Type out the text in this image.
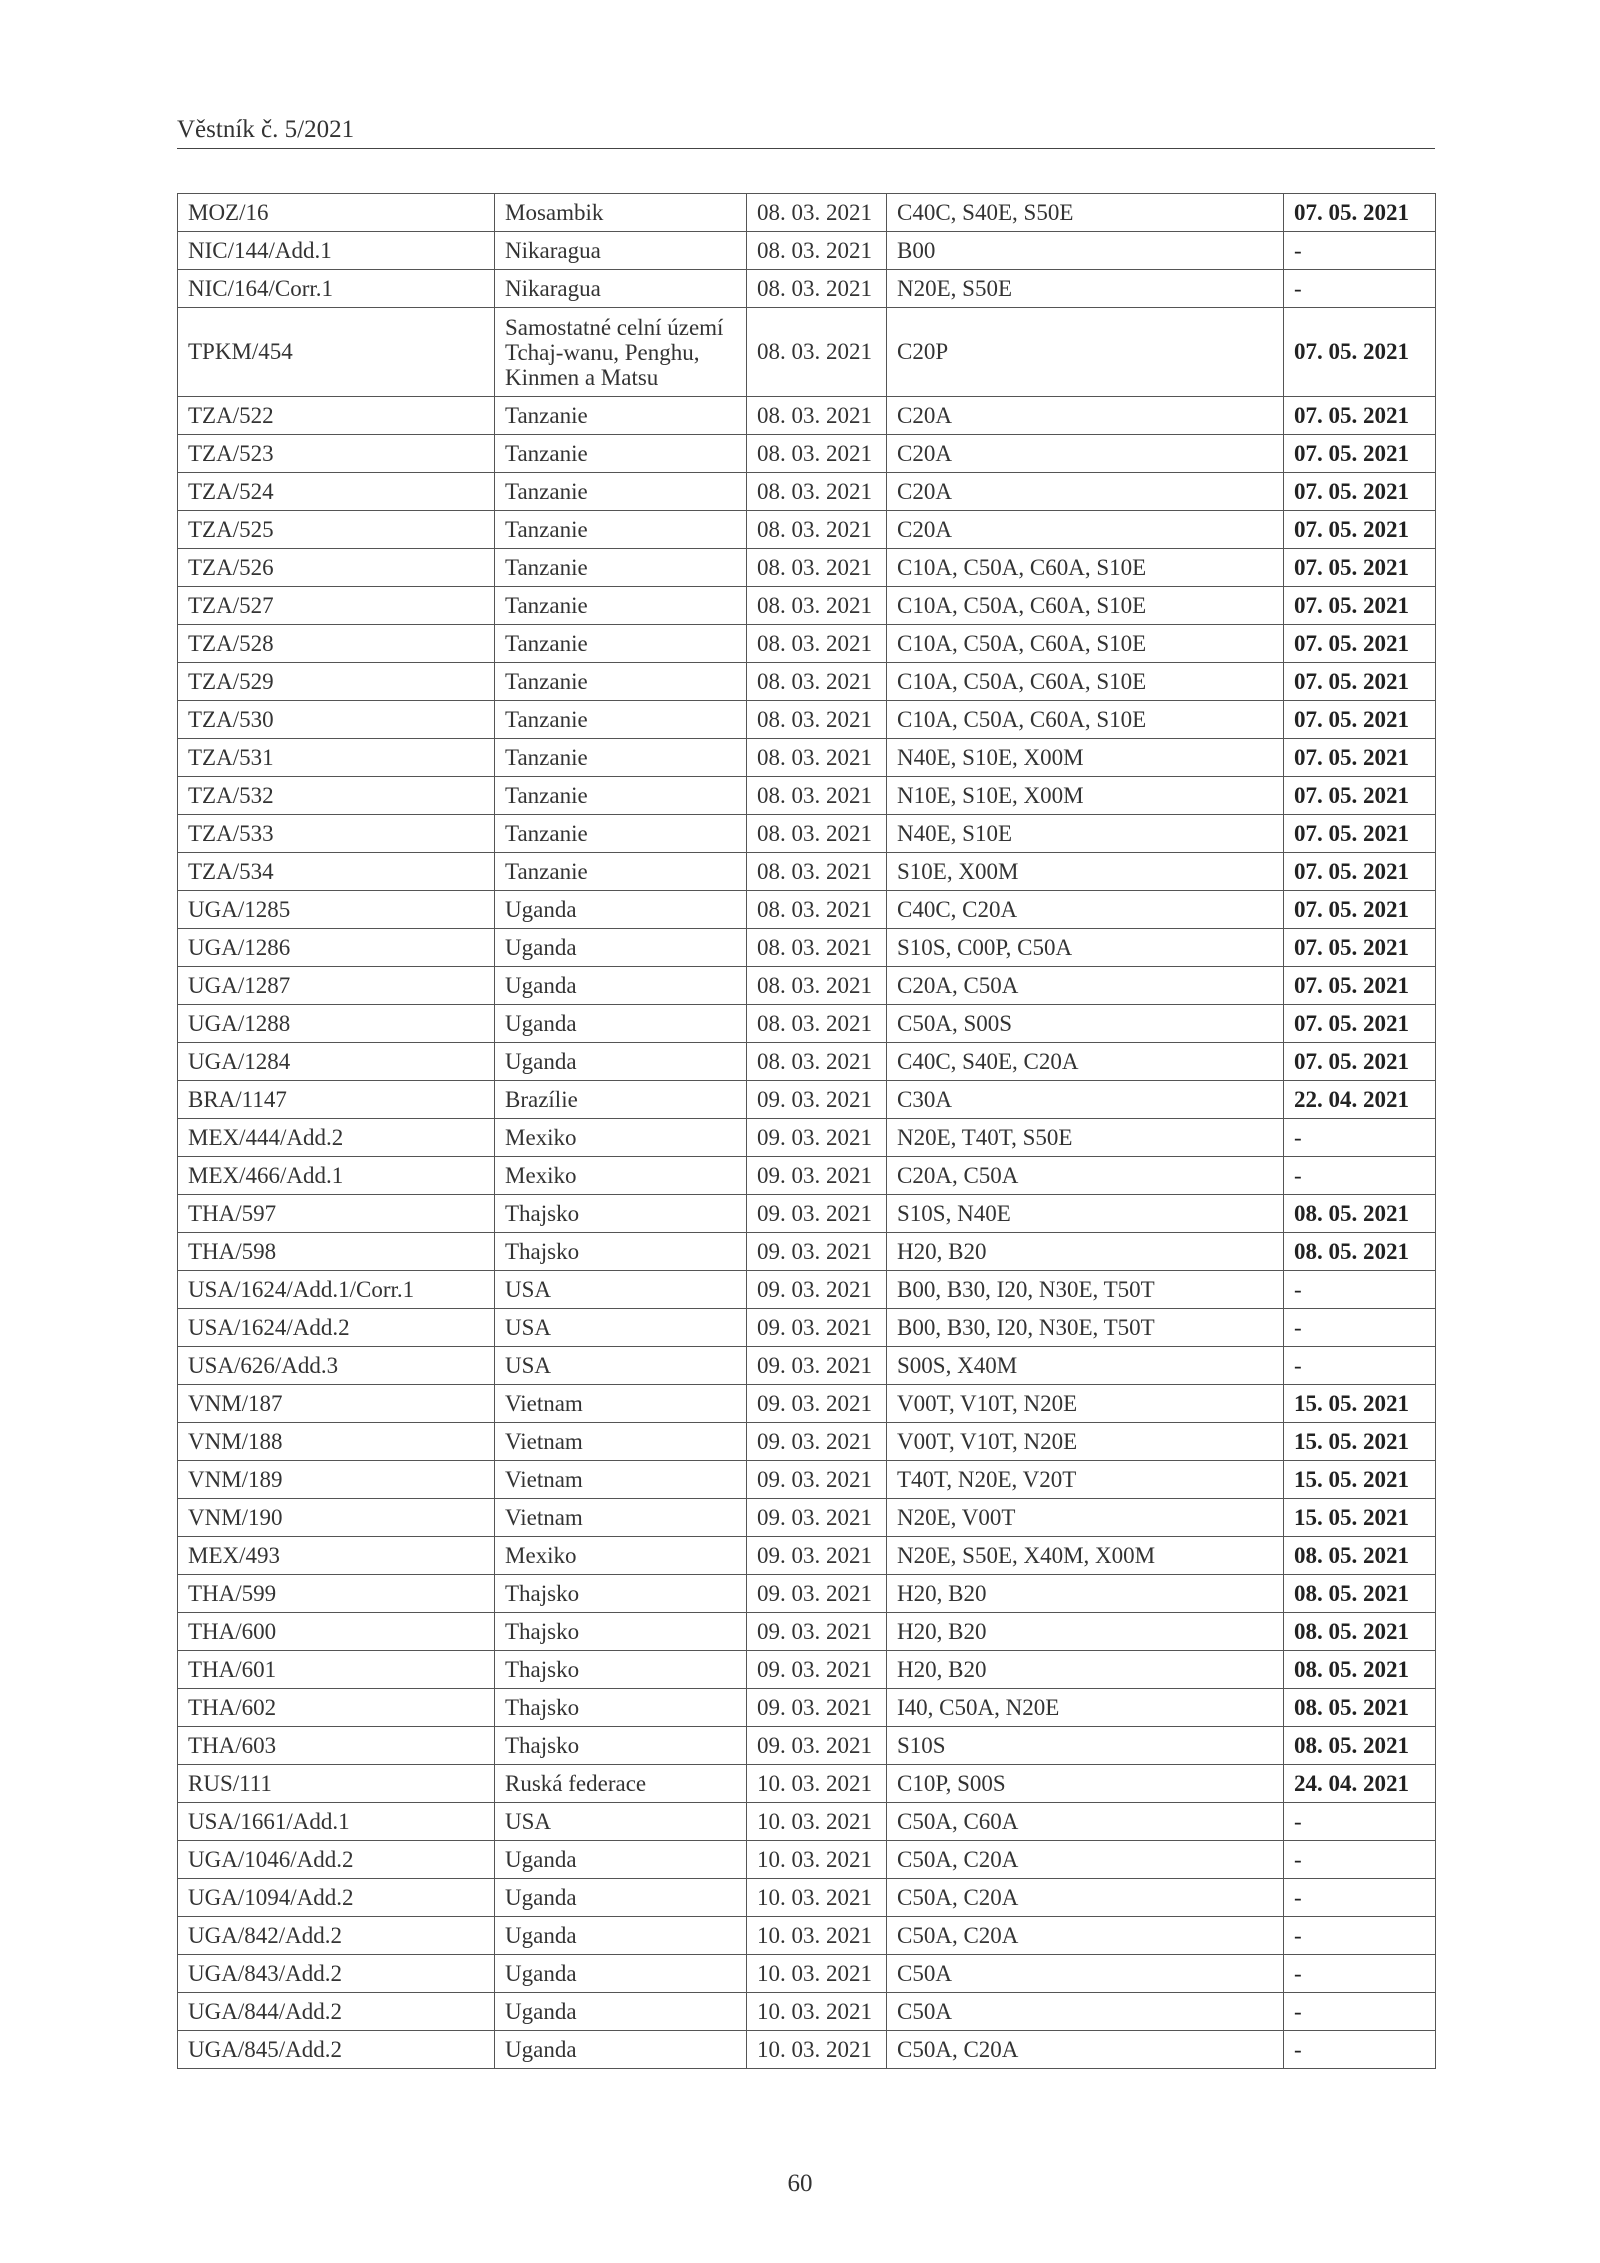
Věstník č. 5/2021
MOZ/16	Mosambik	08. 03. 2021	C40C, S40E, S50E	07. 05. 2021
NIC/144/Add.1	Nikaragua	08. 03. 2021	B00	-
NIC/164/Corr.1	Nikaragua	08. 03. 2021	N20E, S50E	-
TPKM/454	Samostatné celní území Tchaj-wanu, Penghu, Kinmen a Matsu	08. 03. 2021	C20P	07. 05. 2021
TZA/522	Tanzanie	08. 03. 2021	C20A	07. 05. 2021
TZA/523	Tanzanie	08. 03. 2021	C20A	07. 05. 2021
TZA/524	Tanzanie	08. 03. 2021	C20A	07. 05. 2021
TZA/525	Tanzanie	08. 03. 2021	C20A	07. 05. 2021
TZA/526	Tanzanie	08. 03. 2021	C10A, C50A, C60A, S10E	07. 05. 2021
TZA/527	Tanzanie	08. 03. 2021	C10A, C50A, C60A, S10E	07. 05. 2021
TZA/528	Tanzanie	08. 03. 2021	C10A, C50A, C60A, S10E	07. 05. 2021
TZA/529	Tanzanie	08. 03. 2021	C10A, C50A, C60A, S10E	07. 05. 2021
TZA/530	Tanzanie	08. 03. 2021	C10A, C50A, C60A, S10E	07. 05. 2021
TZA/531	Tanzanie	08. 03. 2021	N40E, S10E, X00M	07. 05. 2021
TZA/532	Tanzanie	08. 03. 2021	N10E, S10E, X00M	07. 05. 2021
TZA/533	Tanzanie	08. 03. 2021	N40E, S10E	07. 05. 2021
TZA/534	Tanzanie	08. 03. 2021	S10E, X00M	07. 05. 2021
UGA/1285	Uganda	08. 03. 2021	C40C, C20A	07. 05. 2021
UGA/1286	Uganda	08. 03. 2021	S10S, C00P, C50A	07. 05. 2021
UGA/1287	Uganda	08. 03. 2021	C20A, C50A	07. 05. 2021
UGA/1288	Uganda	08. 03. 2021	C50A, S00S	07. 05. 2021
UGA/1284	Uganda	08. 03. 2021	C40C, S40E, C20A	07. 05. 2021
BRA/1147	Brazílie	09. 03. 2021	C30A	22. 04. 2021
MEX/444/Add.2	Mexiko	09. 03. 2021	N20E, T40T, S50E	-
MEX/466/Add.1	Mexiko	09. 03. 2021	C20A, C50A	-
THA/597	Thajsko	09. 03. 2021	S10S, N40E	08. 05. 2021
THA/598	Thajsko	09. 03. 2021	H20, B20	08. 05. 2021
USA/1624/Add.1/Corr.1	USA	09. 03. 2021	B00, B30, I20, N30E, T50T	-
USA/1624/Add.2	USA	09. 03. 2021	B00, B30, I20, N30E, T50T	-
USA/626/Add.3	USA	09. 03. 2021	S00S, X40M	-
VNM/187	Vietnam	09. 03. 2021	V00T, V10T, N20E	15. 05. 2021
VNM/188	Vietnam	09. 03. 2021	V00T, V10T, N20E	15. 05. 2021
VNM/189	Vietnam	09. 03. 2021	T40T, N20E, V20T	15. 05. 2021
VNM/190	Vietnam	09. 03. 2021	N20E, V00T	15. 05. 2021
MEX/493	Mexiko	09. 03. 2021	N20E, S50E, X40M, X00M	08. 05. 2021
THA/599	Thajsko	09. 03. 2021	H20, B20	08. 05. 2021
THA/600	Thajsko	09. 03. 2021	H20, B20	08. 05. 2021
THA/601	Thajsko	09. 03. 2021	H20, B20	08. 05. 2021
THA/602	Thajsko	09. 03. 2021	I40, C50A, N20E	08. 05. 2021
THA/603	Thajsko	09. 03. 2021	S10S	08. 05. 2021
RUS/111	Ruská federace	10. 03. 2021	C10P, S00S	24. 04. 2021
USA/1661/Add.1	USA	10. 03. 2021	C50A, C60A	-
UGA/1046/Add.2	Uganda	10. 03. 2021	C50A, C20A	-
UGA/1094/Add.2	Uganda	10. 03. 2021	C50A, C20A	-
UGA/842/Add.2	Uganda	10. 03. 2021	C50A, C20A	-
UGA/843/Add.2	Uganda	10. 03. 2021	C50A	-
UGA/844/Add.2	Uganda	10. 03. 2021	C50A	-
UGA/845/Add.2	Uganda	10. 03. 2021	C50A, C20A	-
60
